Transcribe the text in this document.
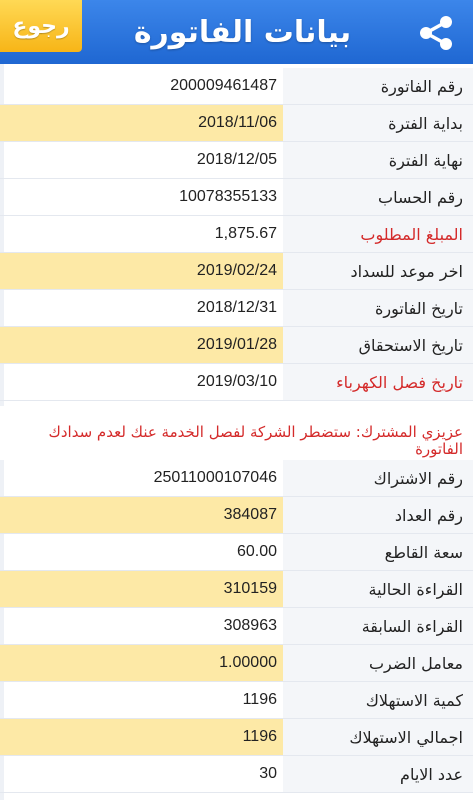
رجوع	بيانات الفاتورة
رقم الفاتورة
200009461487
بداية الفترة
2018/11/06
نهاية الفترة
2018/12/05
رقم الحساب
10078355133
المبلغ المطلوب
1,875.67
اخر موعد للسداد
2019/02/24
تاريخ الفاتورة
2018/12/31
تاريخ الاستحقاق
2019/01/28
تاريخ فصل الكهرباء
2019/03/10
عزيزي المشترك: ستضطر الشركة لفصل الخدمة عنك لعدم سدادك الفاتورة
رقم الاشتراك
25011000107046
رقم العداد
384087
سعة القاطع
60.00
القراءة الحالية
310159
القراءة السابقة
308963
معامل الضرب
1.00000
كمية الاستهلاك
1196
اجمالي الاستهلاك
1196
عدد الايام
30
